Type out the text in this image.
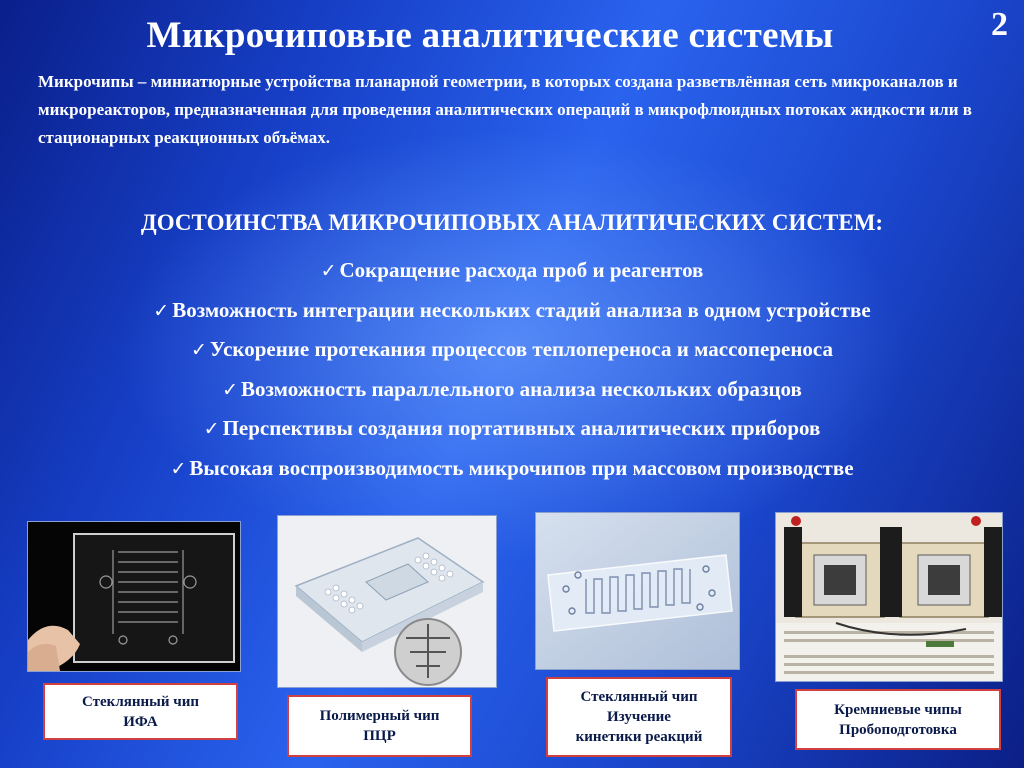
Микрочиповые аналитические системы	2
Микрочипы – миниатюрные устройства планарной геометрии, в которых создана разветвлённая сеть микроканалов и микрореакторов, предназначенная для проведения аналитических операций в микрофлюидных потоках жидкости или в стационарных реакционных объёмах.
ДОСТОИНСТВА МИКРОЧИПОВЫХ АНАЛИТИЧЕСКИХ СИСТЕМ:
✓ Сокращение расхода проб и реагентов
✓ Возможность интеграции нескольких стадий анализа в одном устройстве
✓ Ускорение протекания процессов теплопереноса и массопереноса
✓ Возможность параллельного анализа нескольких образцов
✓ Перспективы создания портативных аналитических приборов
✓ Высокая воспроизводимость микрочипов при массовом производстве
Стеклянный чип
ИФА	Полимерный чип
ПЦР
Стеклянный чип
Изучение
кинетики реакций
Кремниевые чипы
Пробоподготовка
